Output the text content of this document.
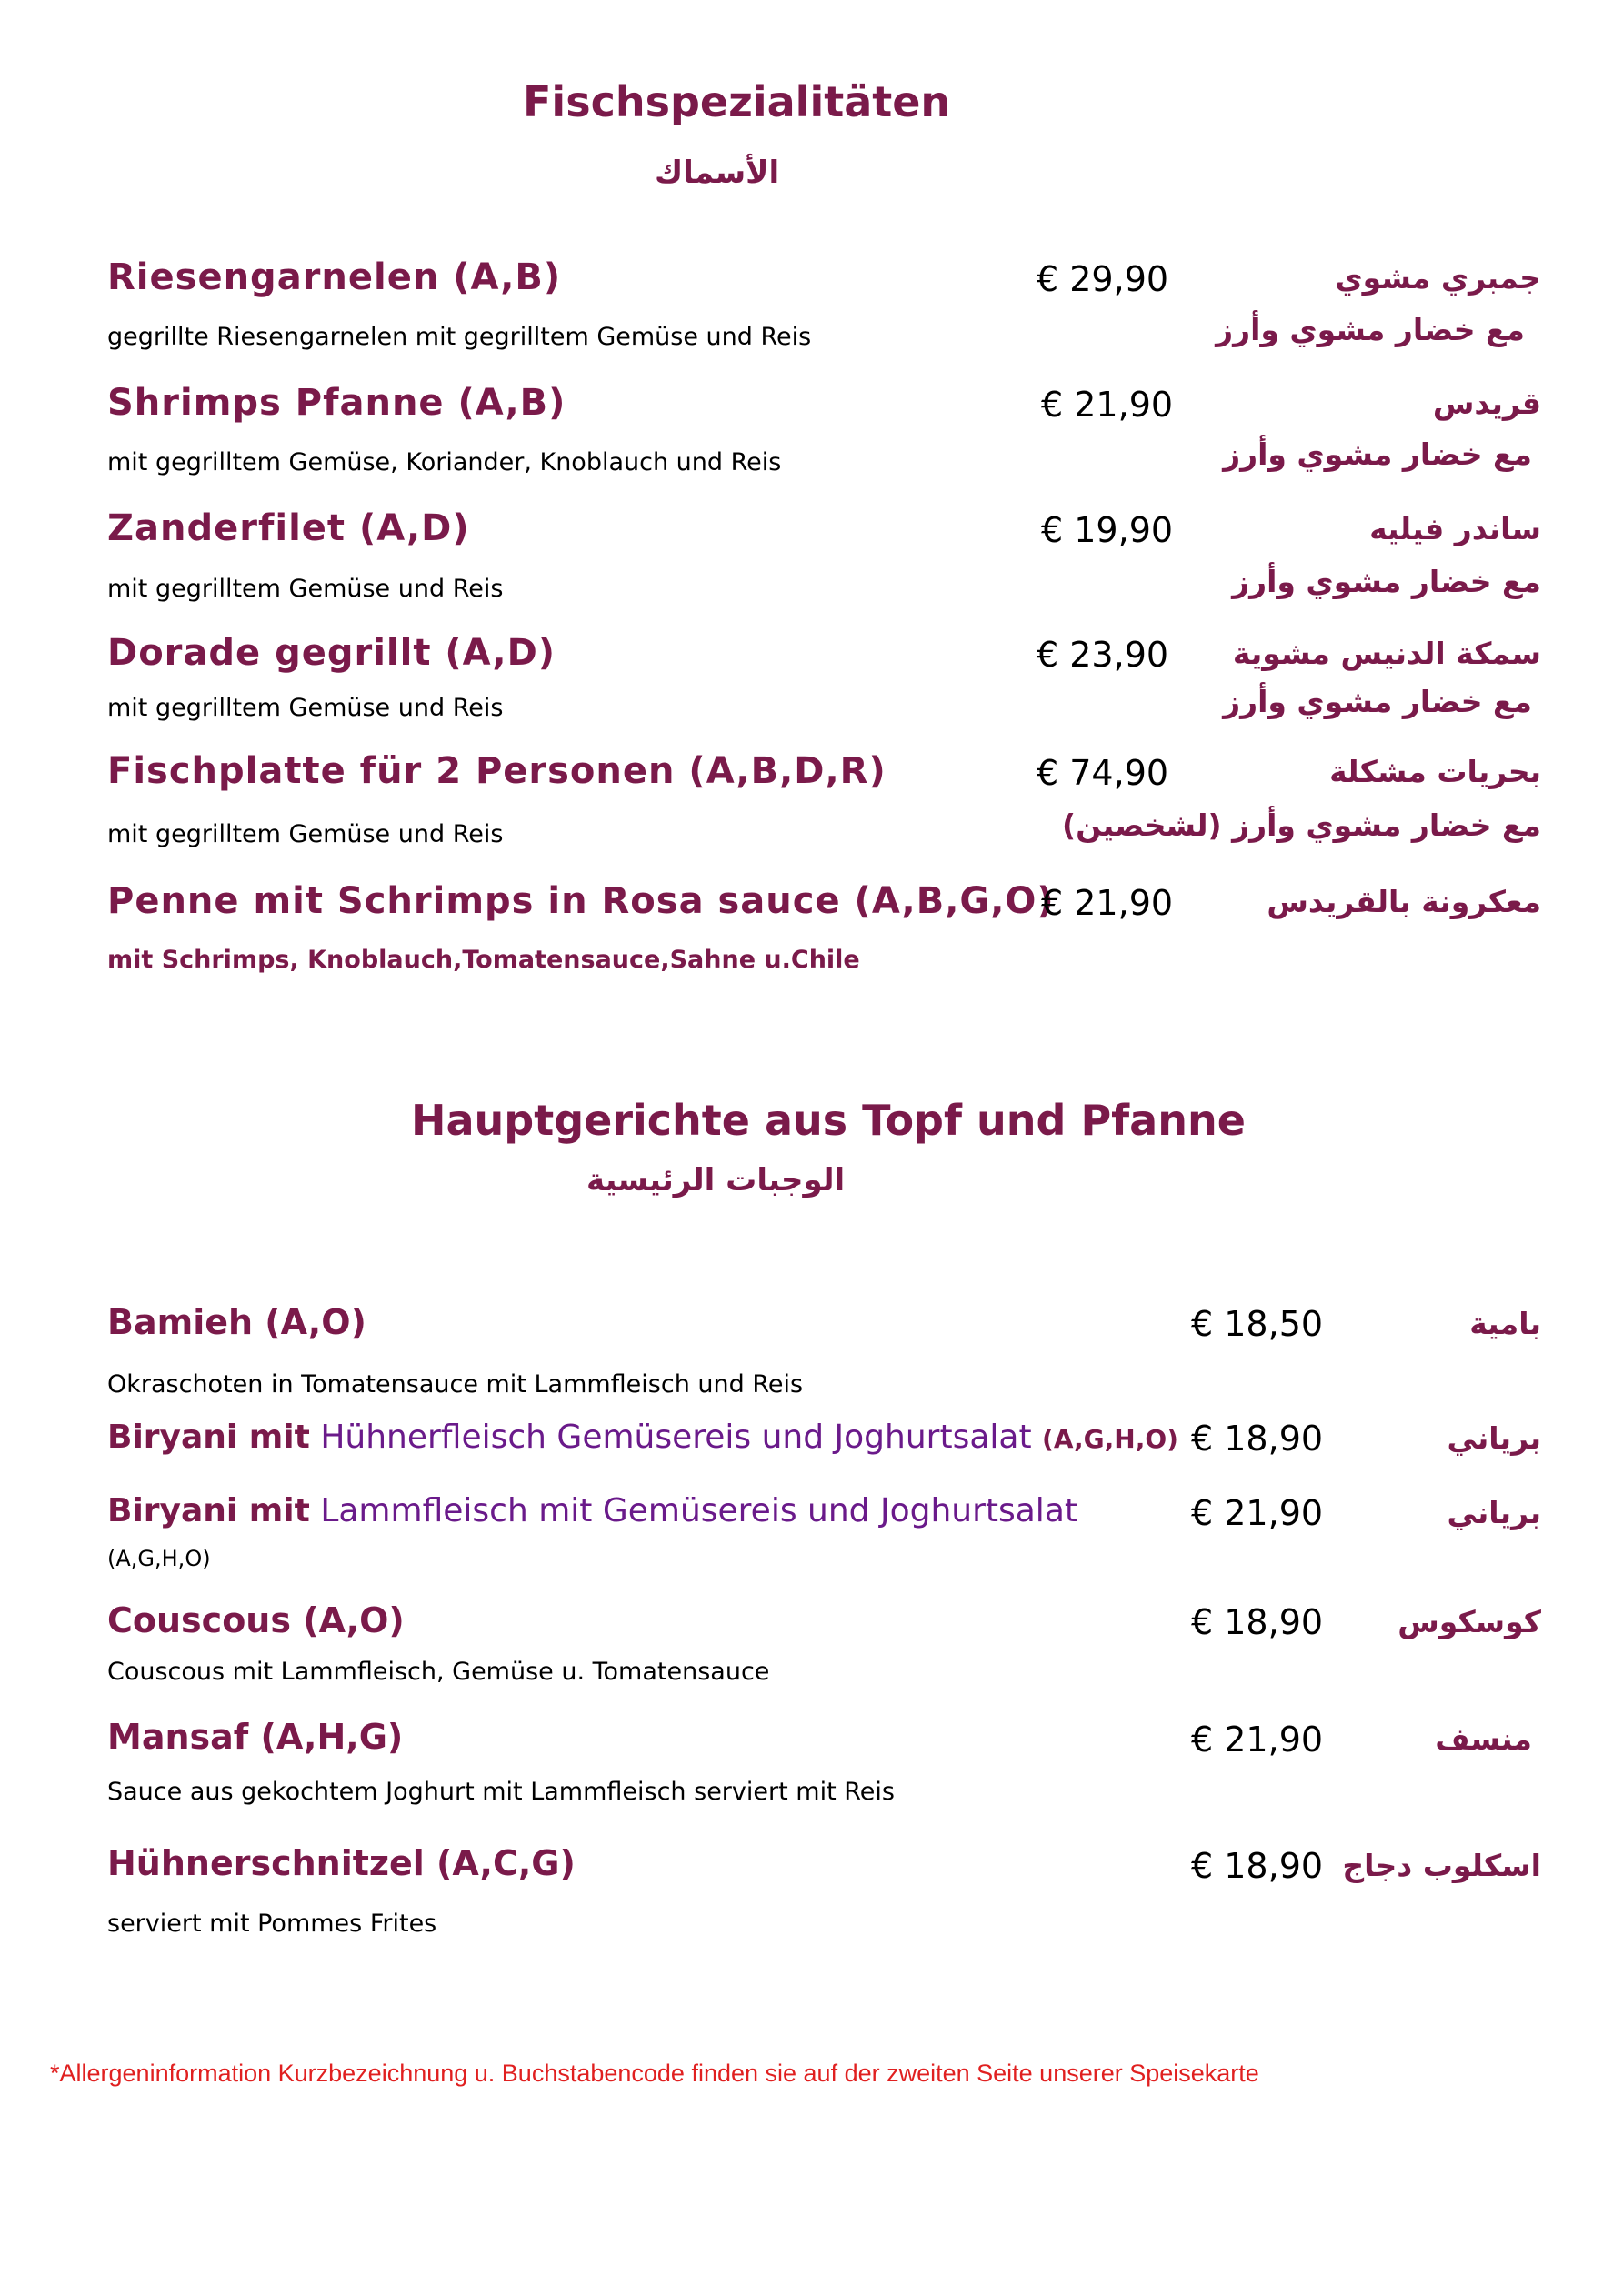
Fischspezialitäten
الأسماك
Riesengarnelen (A,B)
gegrillte Riesengarnelen mit gegrilltem Gemüse und Reis
€ 29,90	جمبري مشوي
مع خضار مشوي وأرز
Shrimps Pfanne (A,B)
mit gegrilltem Gemüse, Koriander, Knoblauch und Reis
€ 21,90	قريدس
مع خضار مشوي وأرز
Zanderfilet (A,D)
mit gegrilltem Gemüse und Reis
€ 19,90	ساندر فيليه
مع خضار مشوي وأرز
Dorade gegrillt (A,D)
mit gegrilltem Gemüse und Reis
€ 23,90 سمكة الدنيس مشوية
مع خضار مشوي وأرز
Fischplatte für 2 Personen (A,B,D,R)
mit gegrilltem Gemüse und Reis
€ 74,90	بحريات مشكلة
مع خضار مشوي وأرز (لشخصين)
Penne mit Schrimps in Rosa sauce (A,B,G,O)
mit Schrimps, Knoblauch,Tomatensauce,Sahne u.Chile
€ 21,90	معكرونة بالقريدس
Hauptgerichte aus Topf und Pfanne
الوجبات الرئيسية
Bamieh (A,O)
Okraschoten in Tomatensauce mit Lammfleisch und Reis
€ 18,50	بامية
Biryani mit Hühnerfleisch Gemüsereis und Joghurtsalat (A,G,H,O) € 18,90	برياني
Biryani mit Lammfleisch mit Gemüsereis und Joghurtsalat
(A,G,H,O)
€ 21,90	برياني
Couscous (A,O)
Couscous mit Lammfleisch, Gemüse u. Tomatensauce
€ 18,90 كوسكوس
Mansaf (A,H,G)
Sauce aus gekochtem Joghurt mit Lammfleisch serviert mit Reis
€ 21,90	منسف
Hühnerschnitzel (A,C,G)
serviert mit Pommes Frites
€ 18,90 اسكلوب دجاج
*Allergeninformation Kurzbezeichnung u. Buchstabencode finden sie auf der zweiten Seite unserer Speisekarte
